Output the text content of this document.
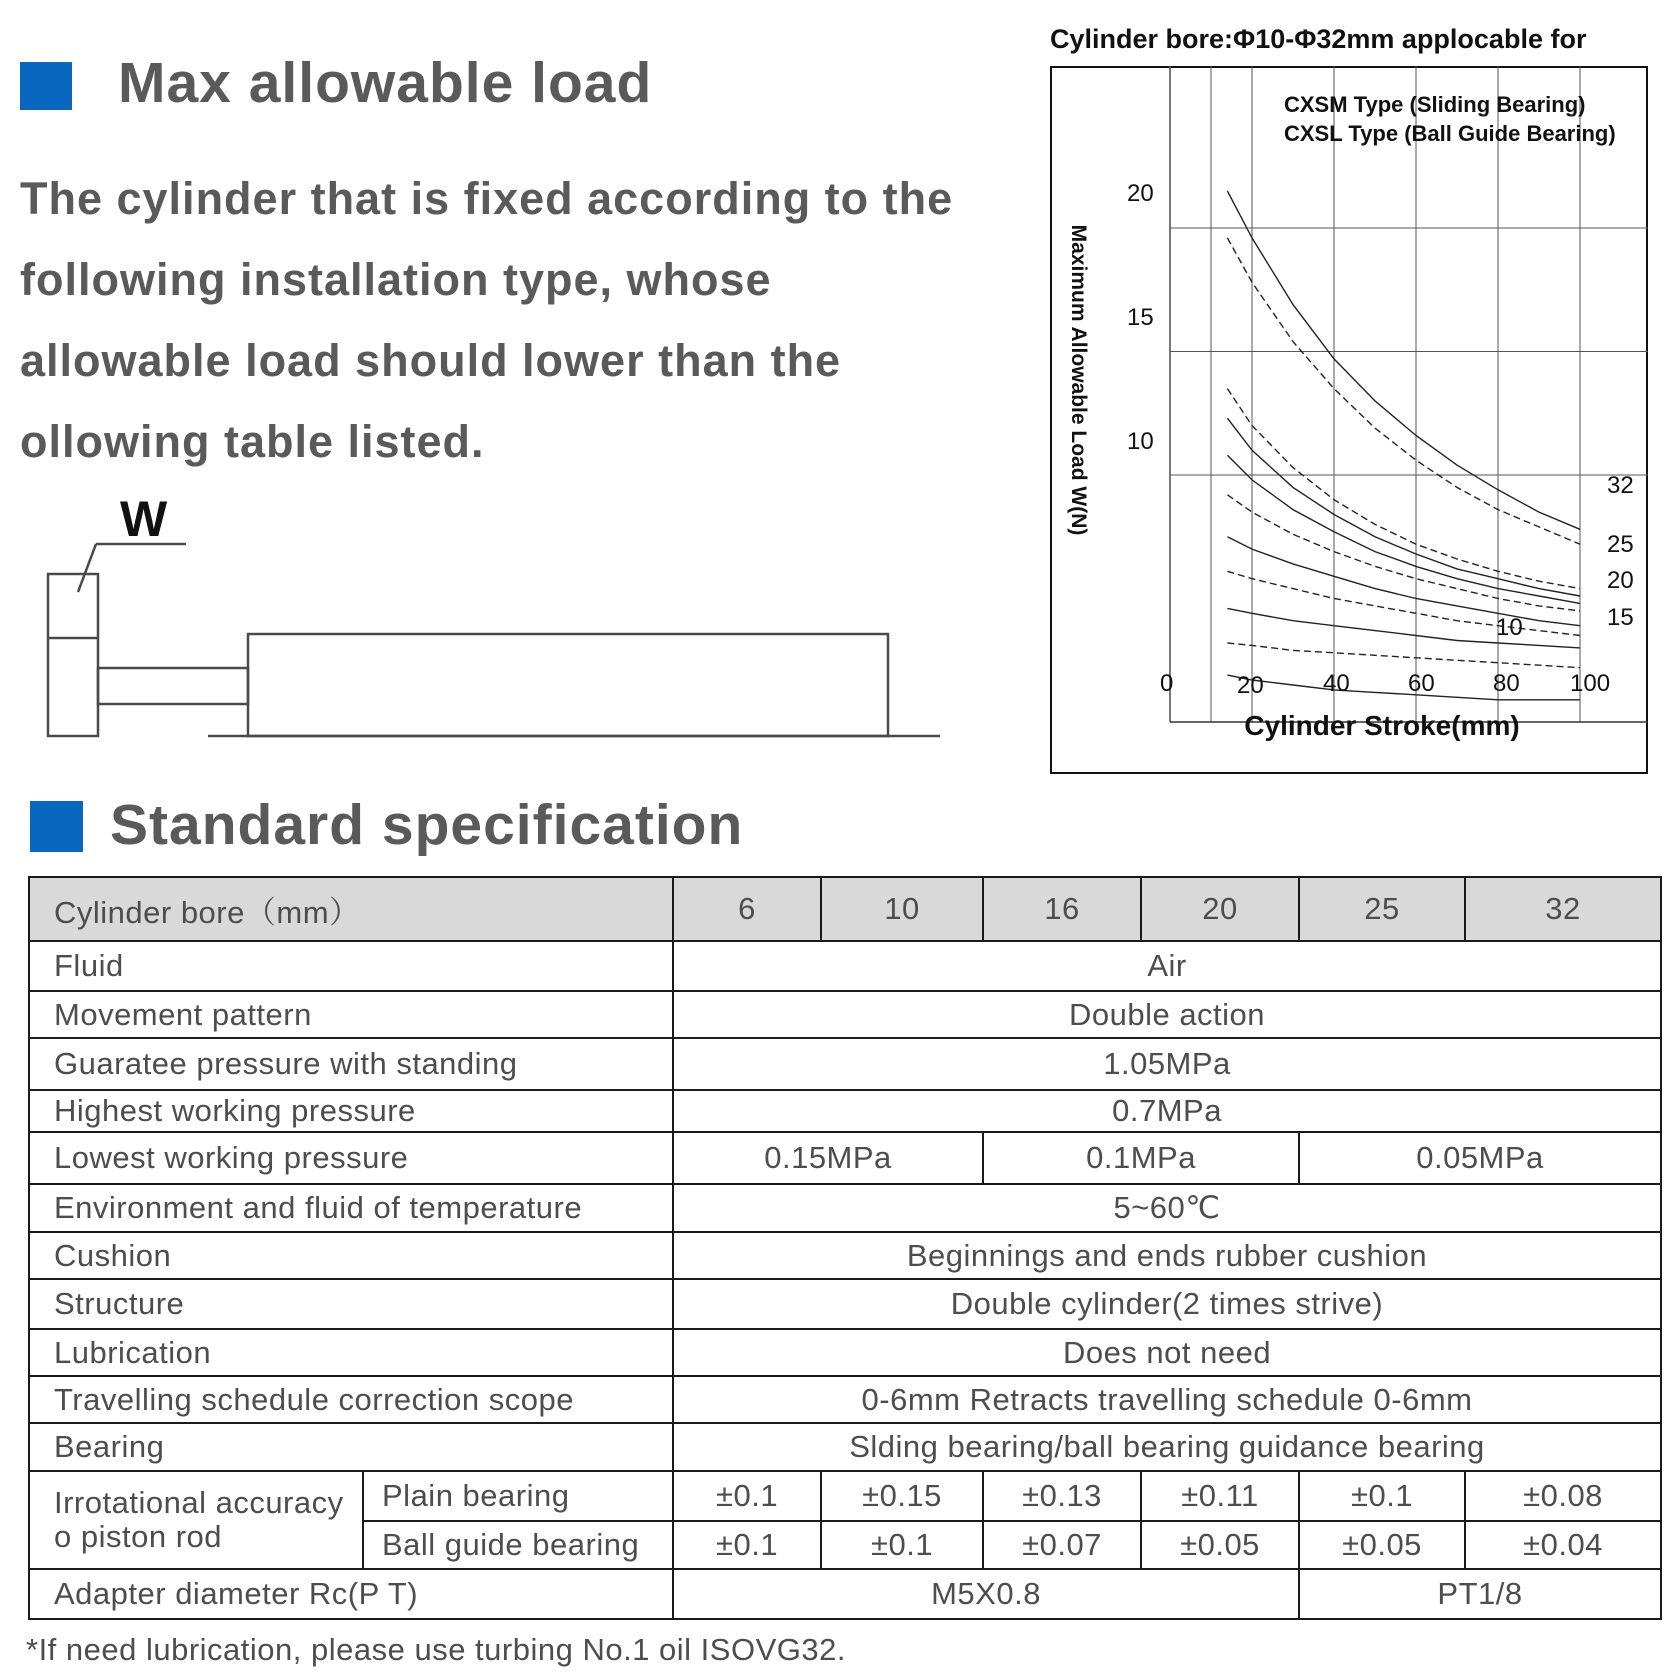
Max allowable load
The cylinder that is fixed according to the following installation type, whose allowable load should lower than the ollowing table listed.
W
Cylinder bore:Φ10-Φ32mm applocable for
Maximum Allowable Load W(N)
Cylinder Stroke(mm)
0	20 40 60 80 100
20
15
10
CXSM Type (Sliding Bearing)
CXSL Type (Ball Guide Bearing)
32
25
20
15
10
Standard specification
Cylinder bore（mm）		6	10	16	20	25	32
Fluid		Air					
Movement pattern		Double action					
Guaratee pressure with standing		1.05MPa					
Highest working pressure		0.7MPa					
Lowest working pressure		0.15MPa		0.1MPa		0.05MPa	
Environment and fluid of temperature		5~60℃					
Cushion		Beginnings and ends rubber cushion					
Structure		Double cylinder(2 times strive)					
Lubrication		Does not need					
Travelling schedule correction scope		0-6mm Retracts travelling schedule 0-6mm					
Bearing		Slding bearing/ball bearing guidance bearing					

Irrotational accuracy
o piston rod	Plain bearing	±0.1	±0.15	±0.13	±0.11	±0.1	±0.08
	Ball guide bearing	±0.1	±0.1	±0.07	±0.05	±0.05	±0.04
Adapter diameter Rc(P T)		M5X0.8				PT1/8	
*If need lubrication, please use turbing No.1 oil ISOVG32.
